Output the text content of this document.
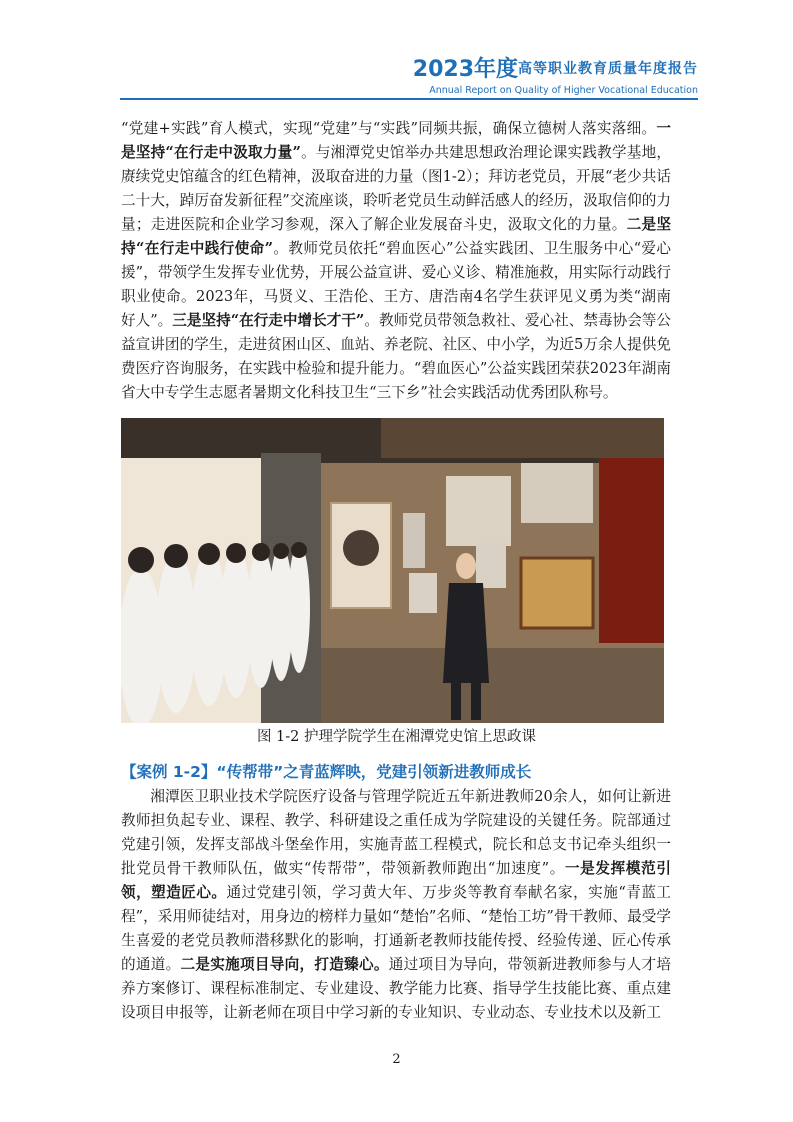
2023年度高等职业教育质量年度报告
Annual Report on Quality of Higher Vocational Education

“党建+实践”育人模式，实现“党建”与“实践”同频共振，确保立德树人落实落细。一是坚持“在行走中汲取力量”。与湘潭党史馆举办共建思想政治理论课实践教学基地，赓续党史馆蕴含的红色精神，汲取奋进的力量（图1-2）；拜访老党员，开展“老少共话二十大，踔厉奋发新征程”交流座谈，聆听老党员生动鲜活感人的经历，汲取信仰的力量；走进医院和企业学习参观，深入了解企业发展奋斗史，汲取文化的力量。二是坚持“在行走中践行使命”。教师党员依托“碧血医心”公益实践团、卫生服务中心“爱心援”，带领学生发挥专业优势，开展公益宣讲、爱心义诊、精准施救，用实际行动践行职业使命。2023年，马贤义、王浩伦、王方、唐浩南4名学生获评见义勇为类“湖南好人”。三是坚持“在行走中增长才干”。教师党员带领急救社、爱心社、禁毒协会等公益宣讲团的学生，走进贫困山区、血站、养老院、社区、中小学，为近5万余人提供免费医疗咨询服务，在实践中检验和提升能力。“碧血医心”公益实践团荣获2023年湖南省大中专学生志愿者暑期文化科技卫生“三下乡”社会实践活动优秀团队称号。

图 1-2 护理学院学生在湘潭党史馆上思政课
【案例 1-2】“传帮带”之青蓝辉映，党建引领新进教师成长

湘潭医卫职业技术学院医疗设备与管理学院近五年新进教师20余人，如何让新进教师担负起专业、课程、教学、科研建设之重任成为学院建设的关键任务。院部通过党建引领，发挥支部战斗堡垒作用，实施青蓝工程模式，院长和总支书记牵头组织一批党员骨干教师队伍，做实“传帮带”，带领新教师跑出“加速度”。一是发挥模范引领，塑造匠心。通过党建引领，学习黄大年、万步炎等教育奉献名家，实施“青蓝工程”，采用师徒结对，用身边的榜样力量如“楚怡”名师、“楚怡工坊”骨干教师、最受学生喜爱的老党员教师潜移默化的影响，打通新老教师技能传授、经验传递、匠心传承的通道。二是实施项目导向，打造臻心。通过项目为导向，带领新进教师参与人才培养方案修订、课程标准制定、专业建设、教学能力比赛、指导学生技能比赛、重点建设项目申报等，让新老师在项目中学习新的专业知识、专业动态、专业技术以及新工

2
